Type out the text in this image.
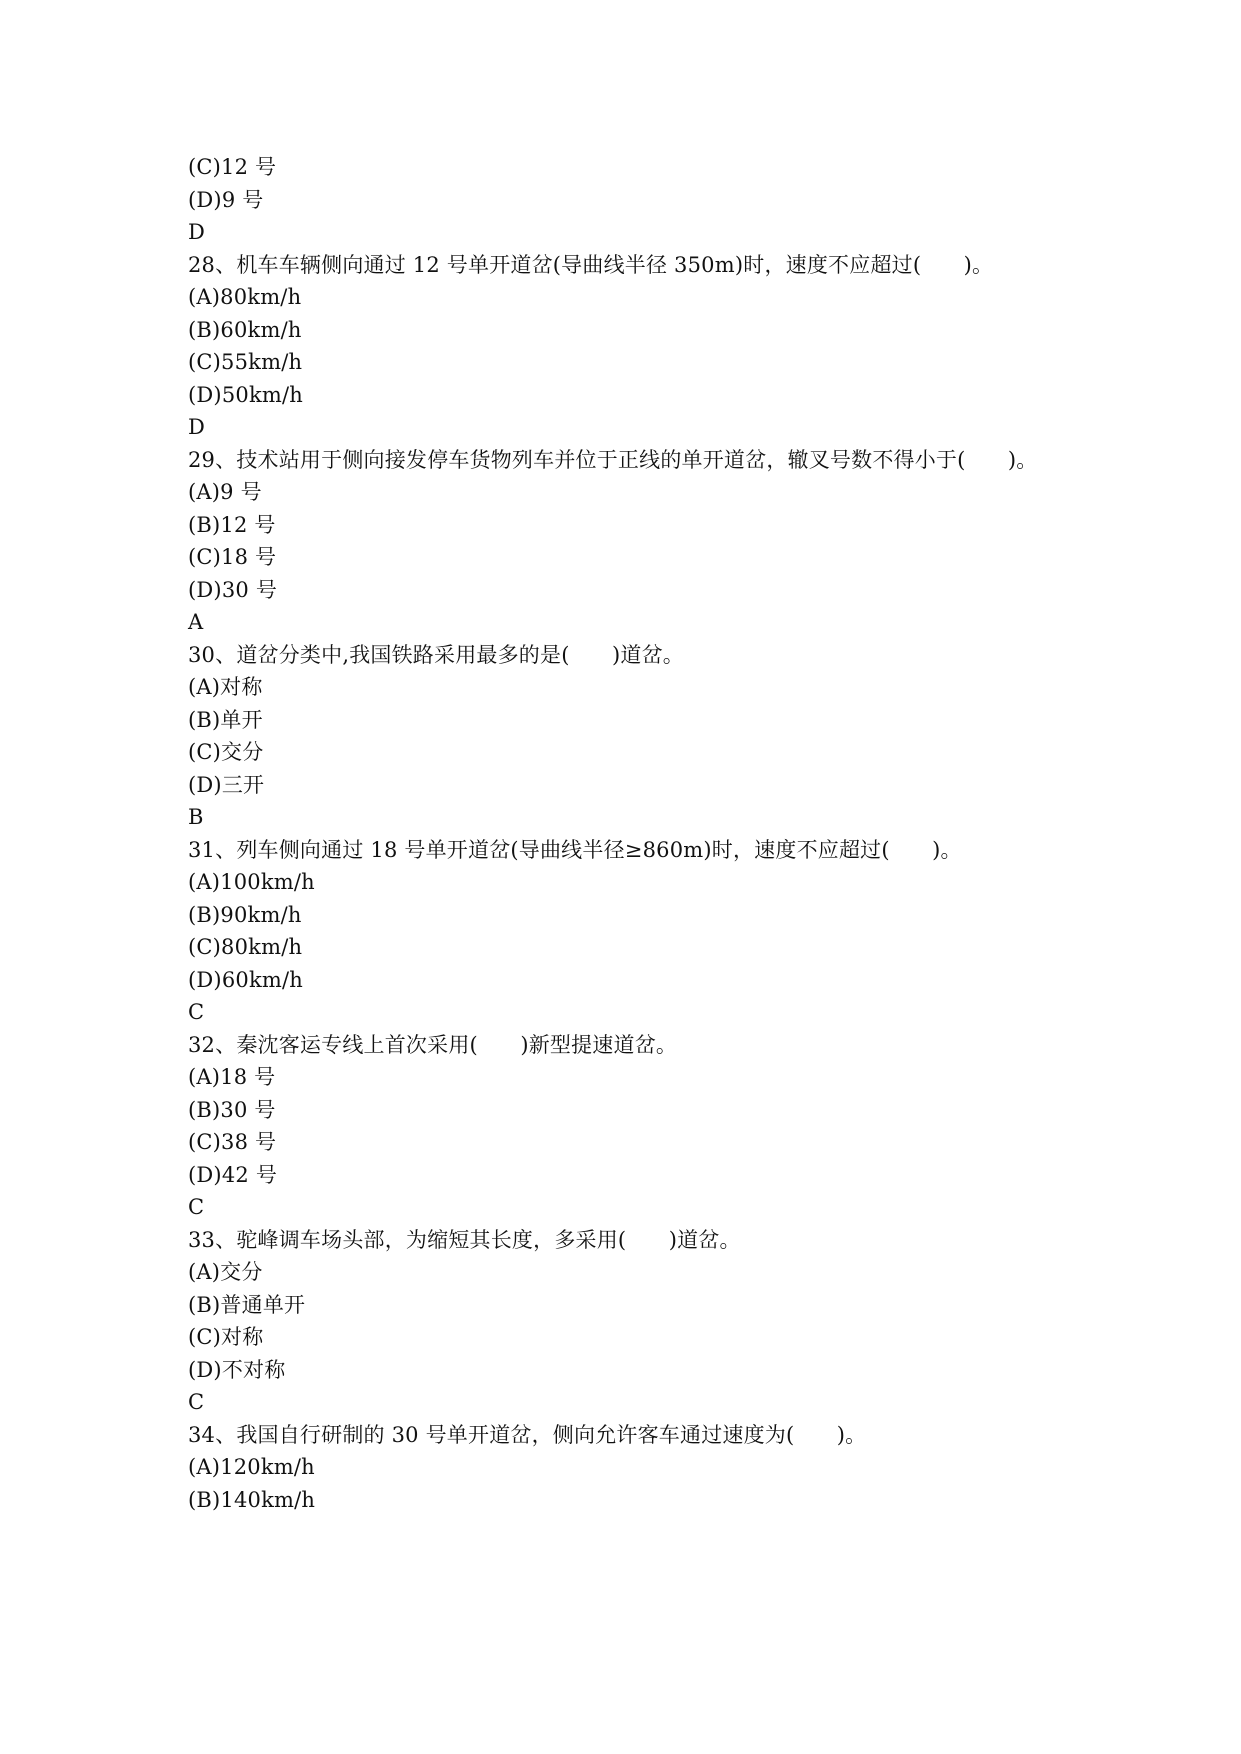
(C)12 号
(D)9 号
D
28、机车车辆侧向通过 12 号单开道岔(导曲线半径 350m)时，速度不应超过(　　)。
(A)80km/h
(B)60km/h
(C)55km/h
(D)50km/h
D
29、技术站用于侧向接发停车货物列车并位于正线的单开道岔，辙叉号数不得小于(　　)。
(A)9 号
(B)12 号
(C)18 号
(D)30 号
A
30、道岔分类中,我国铁路采用最多的是(　　)道岔。
(A)对称
(B)单开
(C)交分
(D)三开
B
31、列车侧向通过 18 号单开道岔(导曲线半径≥860m)时，速度不应超过(　　)。
(A)100km/h
(B)90km/h
(C)80km/h
(D)60km/h
C
32、秦沈客运专线上首次采用(　　)新型提速道岔。
(A)18 号
(B)30 号
(C)38 号
(D)42 号
C
33、驼峰调车场头部，为缩短其长度，多采用(　　)道岔。
(A)交分
(B)普通单开
(C)对称
(D)不对称
C
34、我国自行研制的 30 号单开道岔，侧向允许客车通过速度为(　　)。
(A)120km/h
(B)140km/h
